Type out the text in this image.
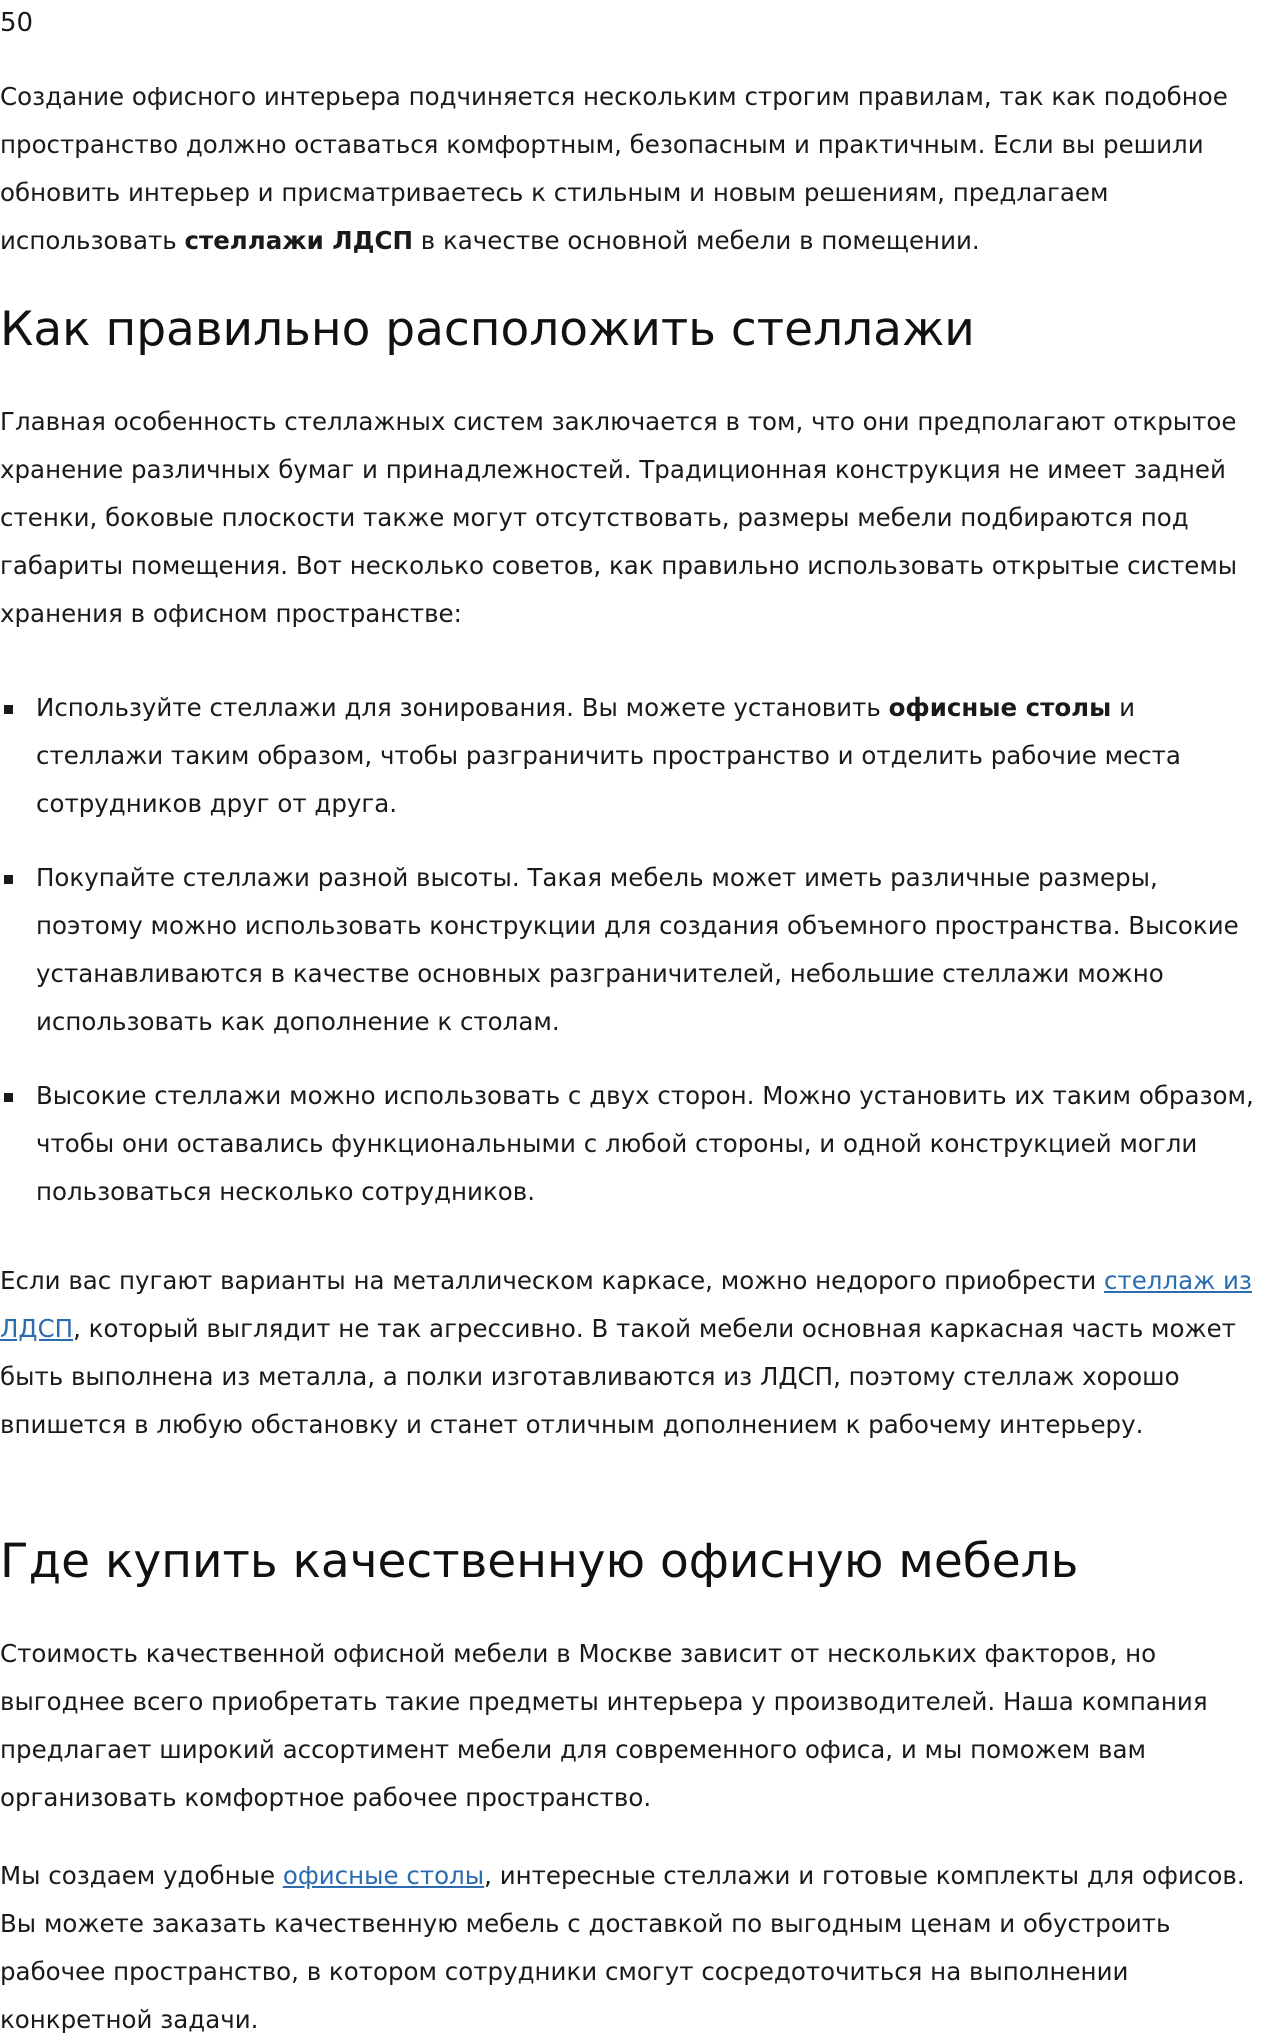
50

Создание офисного интерьера подчиняется нескольким строгим правилам, так как подобное пространство должно оставаться комфортным, безопасным и практичным. Если вы решили обновить интерьер и присматриваетесь к стильным и новым решениям, предлагаем использовать стеллажи ЛДСП в качестве основной мебели в помещении.

Как правильно расположить стеллажи

Главная особенность стеллажных систем заключается в том, что они предполагают открытое хранение различных бумаг и принадлежностей. Традиционная конструкция не имеет задней стенки, боковые плоскости также могут отсутствовать, размеры мебели подбираются под габариты помещения. Вот несколько советов, как правильно использовать открытые системы хранения в офисном пространстве:

Используйте стеллажи для зонирования. Вы можете установить офисные столы и стеллажи таким образом, чтобы разграничить пространство и отделить рабочие места сотрудников друг от друга.
Покупайте стеллажи разной высоты. Такая мебель может иметь различные размеры, поэтому можно использовать конструкции для создания объемного пространства. Высокие устанавливаются в качестве основных разграничителей, небольшие стеллажи можно использовать как дополнение к столам.
Высокие стеллажи можно использовать с двух сторон. Можно установить их таким образом, чтобы они оставались функциональными с любой стороны, и одной конструкцией могли пользоваться несколько сотрудников.

Если вас пугают варианты на металлическом каркасе, можно недорого приобрести стеллаж из ЛДСП, который выглядит не так агрессивно. В такой мебели основная каркасная часть может быть выполнена из металла, а полки изготавливаются из ЛДСП, поэтому стеллаж хорошо впишется в любую обстановку и станет отличным дополнением к рабочему интерьеру.

Где купить качественную офисную мебель

Стоимость качественной офисной мебели в Москве зависит от нескольких факторов, но выгоднее всего приобретать такие предметы интерьера у производителей. Наша компания предлагает широкий ассортимент мебели для современного офиса, и мы поможем вам организовать комфортное рабочее пространство.

Мы создаем удобные офисные столы, интересные стеллажи и готовые комплекты для офисов. Вы можете заказать качественную мебель с доставкой по выгодным ценам и обустроить рабочее пространство, в котором сотрудники смогут сосредоточиться на выполнении конкретной задачи.
